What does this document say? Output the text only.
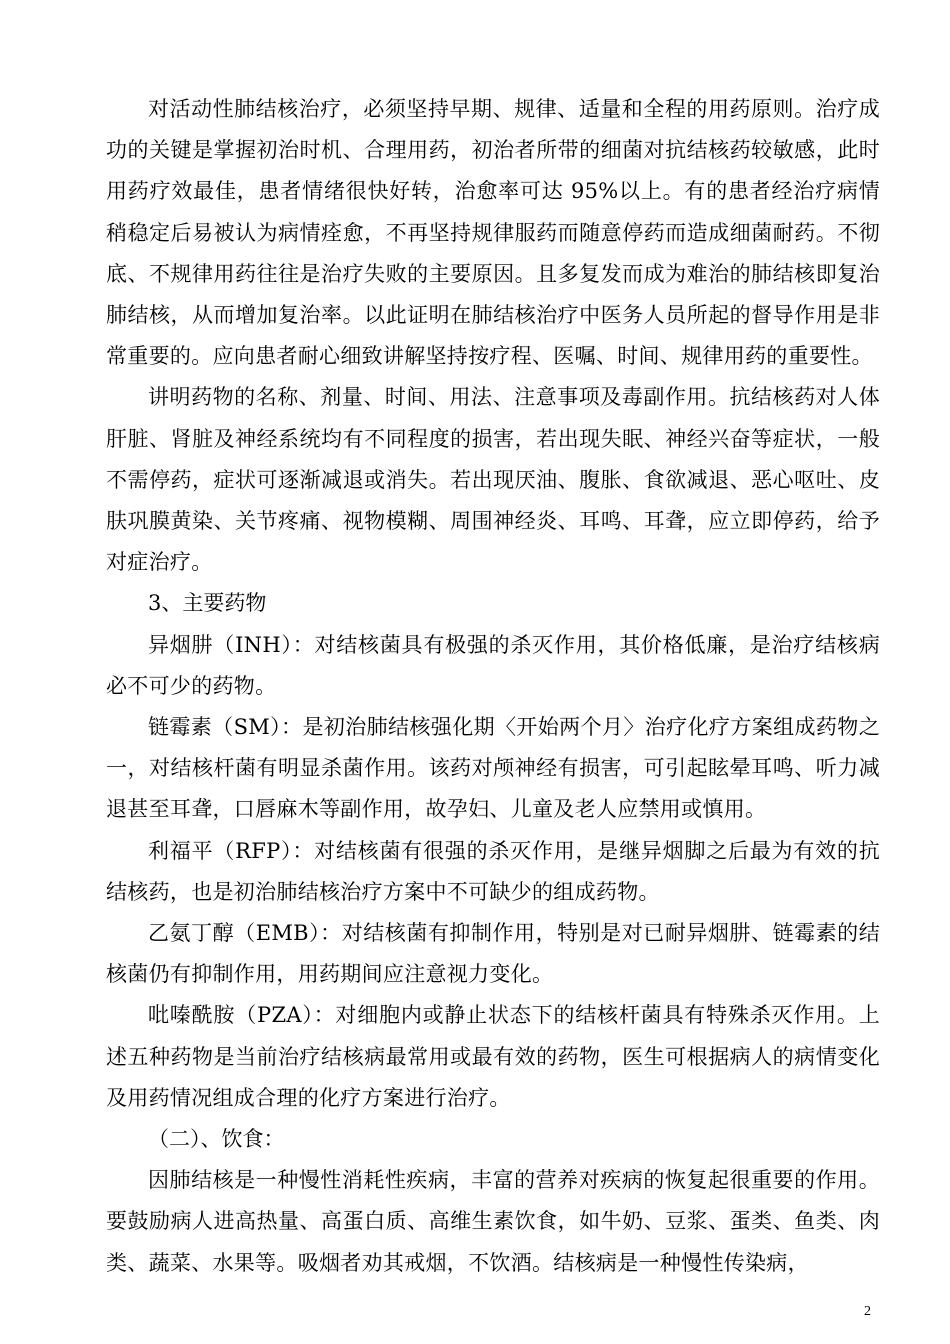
对活动性肺结核治疗，必须坚持早期、规律、适量和全程的用药原则。治疗成功的关键是掌握初治时机、合理用药，初治者所带的细菌对抗结核药较敏感，此时用药疗效最佳，患者情绪很快好转，治愈率可达 95%以上。有的患者经治疗病情稍稳定后易被认为病情痊愈，不再坚持规律服药而随意停药而造成细菌耐药。不彻底、不规律用药往往是治疗失败的主要原因。且多复发而成为难治的肺结核即复治肺结核，从而增加复治率。以此证明在肺结核治疗中医务人员所起的督导作用是非常重要的。应向患者耐心细致讲解坚持按疗程、医嘱、时间、规律用药的重要性。

讲明药物的名称、剂量、时间、用法、注意事项及毒副作用。抗结核药对人体肝脏、肾脏及神经系统均有不同程度的损害，若出现失眠、神经兴奋等症状，一般不需停药，症状可逐渐减退或消失。若出现厌油、腹胀、食欲减退、恶心呕吐、皮肤巩膜黄染、关节疼痛、视物模糊、周围神经炎、耳鸣、耳聋，应立即停药，给予对症治疗。

3、主要药物

异烟肼（INH）：对结核菌具有极强的杀灭作用，其价格低廉，是治疗结核病必不可少的药物。

链霉素（SM）：是初治肺结核强化期〈开始两个月〉治疗化疗方案组成药物之一，对结核杆菌有明显杀菌作用。该药对颅神经有损害，可引起眩晕耳鸣、听力减退甚至耳聋，口唇麻木等副作用，故孕妇、儿童及老人应禁用或慎用。

利福平（RFP）：对结核菌有很强的杀灭作用，是继异烟脚之后最为有效的抗结核药，也是初治肺结核治疗方案中不可缺少的组成药物。

乙氨丁醇（EMB）：对结核菌有抑制作用，特别是对已耐异烟肼、链霉素的结核菌仍有抑制作用，用药期间应注意视力变化。

吡嗪酰胺（PZA）：对细胞内或静止状态下的结核杆菌具有特殊杀灭作用。上述五种药物是当前治疗结核病最常用或最有效的药物，医生可根据病人的病情变化及用药情况组成合理的化疗方案进行治疗。

（二）、饮食：

因肺结核是一种慢性消耗性疾病，丰富的营养对疾病的恢复起很重要的作用。要鼓励病人进高热量、高蛋白质、高维生素饮食，如牛奶、豆浆、蛋类、鱼类、肉类、蔬菜、水果等。吸烟者劝其戒烟，不饮酒。结核病是一种慢性传染病，

2
